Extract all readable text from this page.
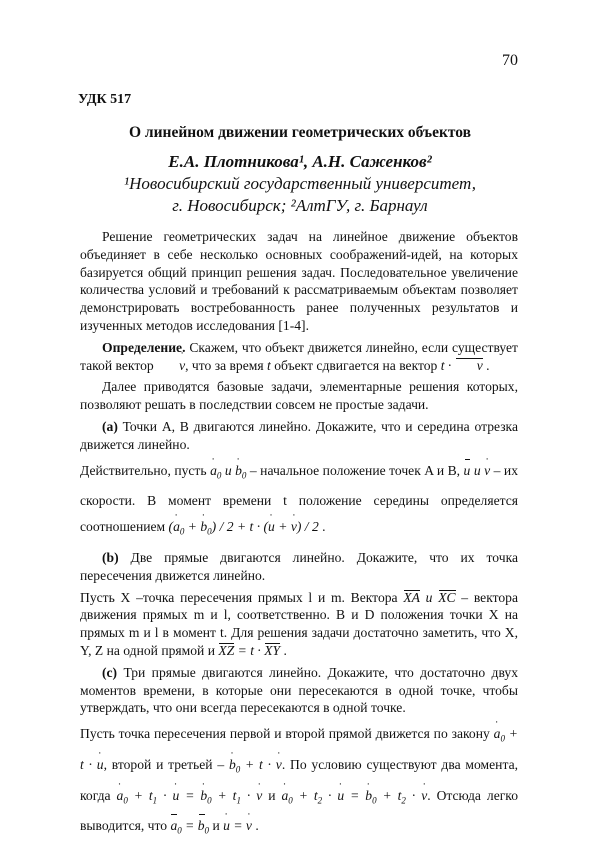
70
УДК 517
О линейном движении геометрических объектов
Е.А. Плотникова¹, А.Н. Саженков²
¹Новосибирский государственный университет,
г. Новосибирск; ²АлтГУ, г. Барнаул

Решение геометрических задач на линейное движение объектов объединяет в себе несколько основных соображений-идей, на которых базируется общий принцип решения задач. Последовательное увеличение количества условий и требований к рассматриваемым объектам позволяет демонстрировать востребованность ранее полученных результатов и изученных методов исследования [1-4].

Определение. Скажем, что объект движется линейно, если существует такой вектор ˙ v, что за время t объект сдвигается на вектор t · v .

Далее приводятся базовые задачи, элементарные решения которых, позволяют решать в последствии совсем не простые задачи.

(a) Точки A, B двигаются линейно. Докажите, что и середина отрезка движется линейно.

Действительно, пусть ˙ $a_0$ и ˙ $b_0$ – начальное положение точек A и B, u и ˙ v – их скорости. В момент времени t положение середины определяется соотношением (˙ $a_0$ + ˙ $b_0) / 2 + t$ · (˙ u + ˙ v) / 2 .

(b) Две прямые двигаются линейно. Докажите, что их точка пересечения движется линейно.

Пусть X –точка пересечения прямых l и m. Вектора XA и XC – вектора движения прямых m и l, соответственно. B и D положения точки X на прямых m и l в момент t. Для решения задачи достаточно заметить, что X, Y, Z на одной прямой и XZ = t · XY .

(c) Три прямые двигаются линейно. Докажите, что достаточно двух моментов времени, в которые они пересекаются в одной точке, чтобы утверждать, что они всегда пересекаются в одной точке.

Пусть точка пересечения первой и второй прямой движется по закону ˙ $a_0 + t$ · ˙ u, второй и третьей – ˙ $b_0 + t$ · ˙ v. По условию существуют два момента, когда ˙ $a_0 + t_1$ · ˙ u = ˙ $b_0 + t_1$ · ˙ v и ˙ $a_0 + t_2$ · ˙ u = ˙ $b_0 + t_2$ · ˙ v. Отсюда легко выводится, что $a_0 = b_0$ и ˙ u = ˙ v .
